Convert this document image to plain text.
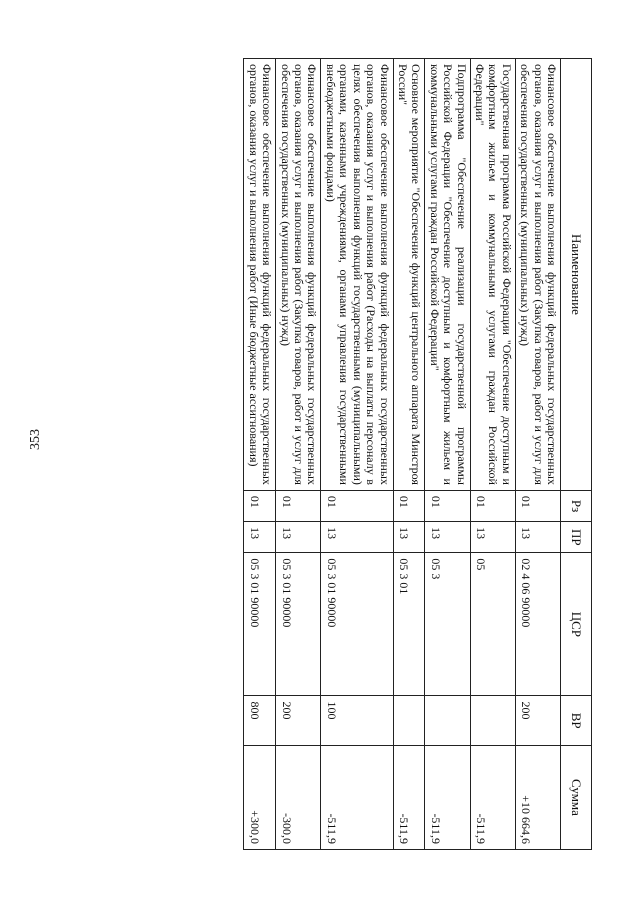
353
Наименование	Рз	ПР	ЦСР	ВР	Сумма
Финансовое обеспечение выполнения функций федеральных государственных органов, оказания услуг и выполнения работ (Закупка товаров, работ и услуг для обеспечения государственных (муниципальных) нужд)	01	13	02 4 06 90000	200	+10 664,6
Государственная программа Российской Федерации "Обеспечение доступным и комфортным жильем и коммунальными услугами граждан Российской Федерации"	01	13	05		-511,9
Подпрограмма "Обеспечение реализации государственной программы Российской Федерации "Обеспечение доступным и комфортным жильем и коммунальными услугами граждан Российской Федерации"	01	13	05 3		-511,9
Основное мероприятие "Обеспечение функций центрального аппарата Минстроя России"	01	13	05 3 01		-511,9
Финансовое обеспечение выполнения функций федеральных государственных органов, оказания услуг и выполнения работ (Расходы на выплаты персоналу в целях обеспечения выполнения функций государственными (муниципальными) органами, казенными учреждениями, органами управления государственными внебюджетными фондами)	01	13	05 3 01 90000	100	-511,9
Финансовое обеспечение выполнения функций федеральных государственных органов, оказания услуг и выполнения работ (Закупка товаров, работ и услуг для обеспечения государственных (муниципальных) нужд)	01	13	05 3 01 90000	200	-300,0
Финансовое обеспечение выполнения функций федеральных государственных органов, оказания услуг и выполнения работ (Иные бюджетные ассигнования)	01	13	05 3 01 90000	800	+300,0
